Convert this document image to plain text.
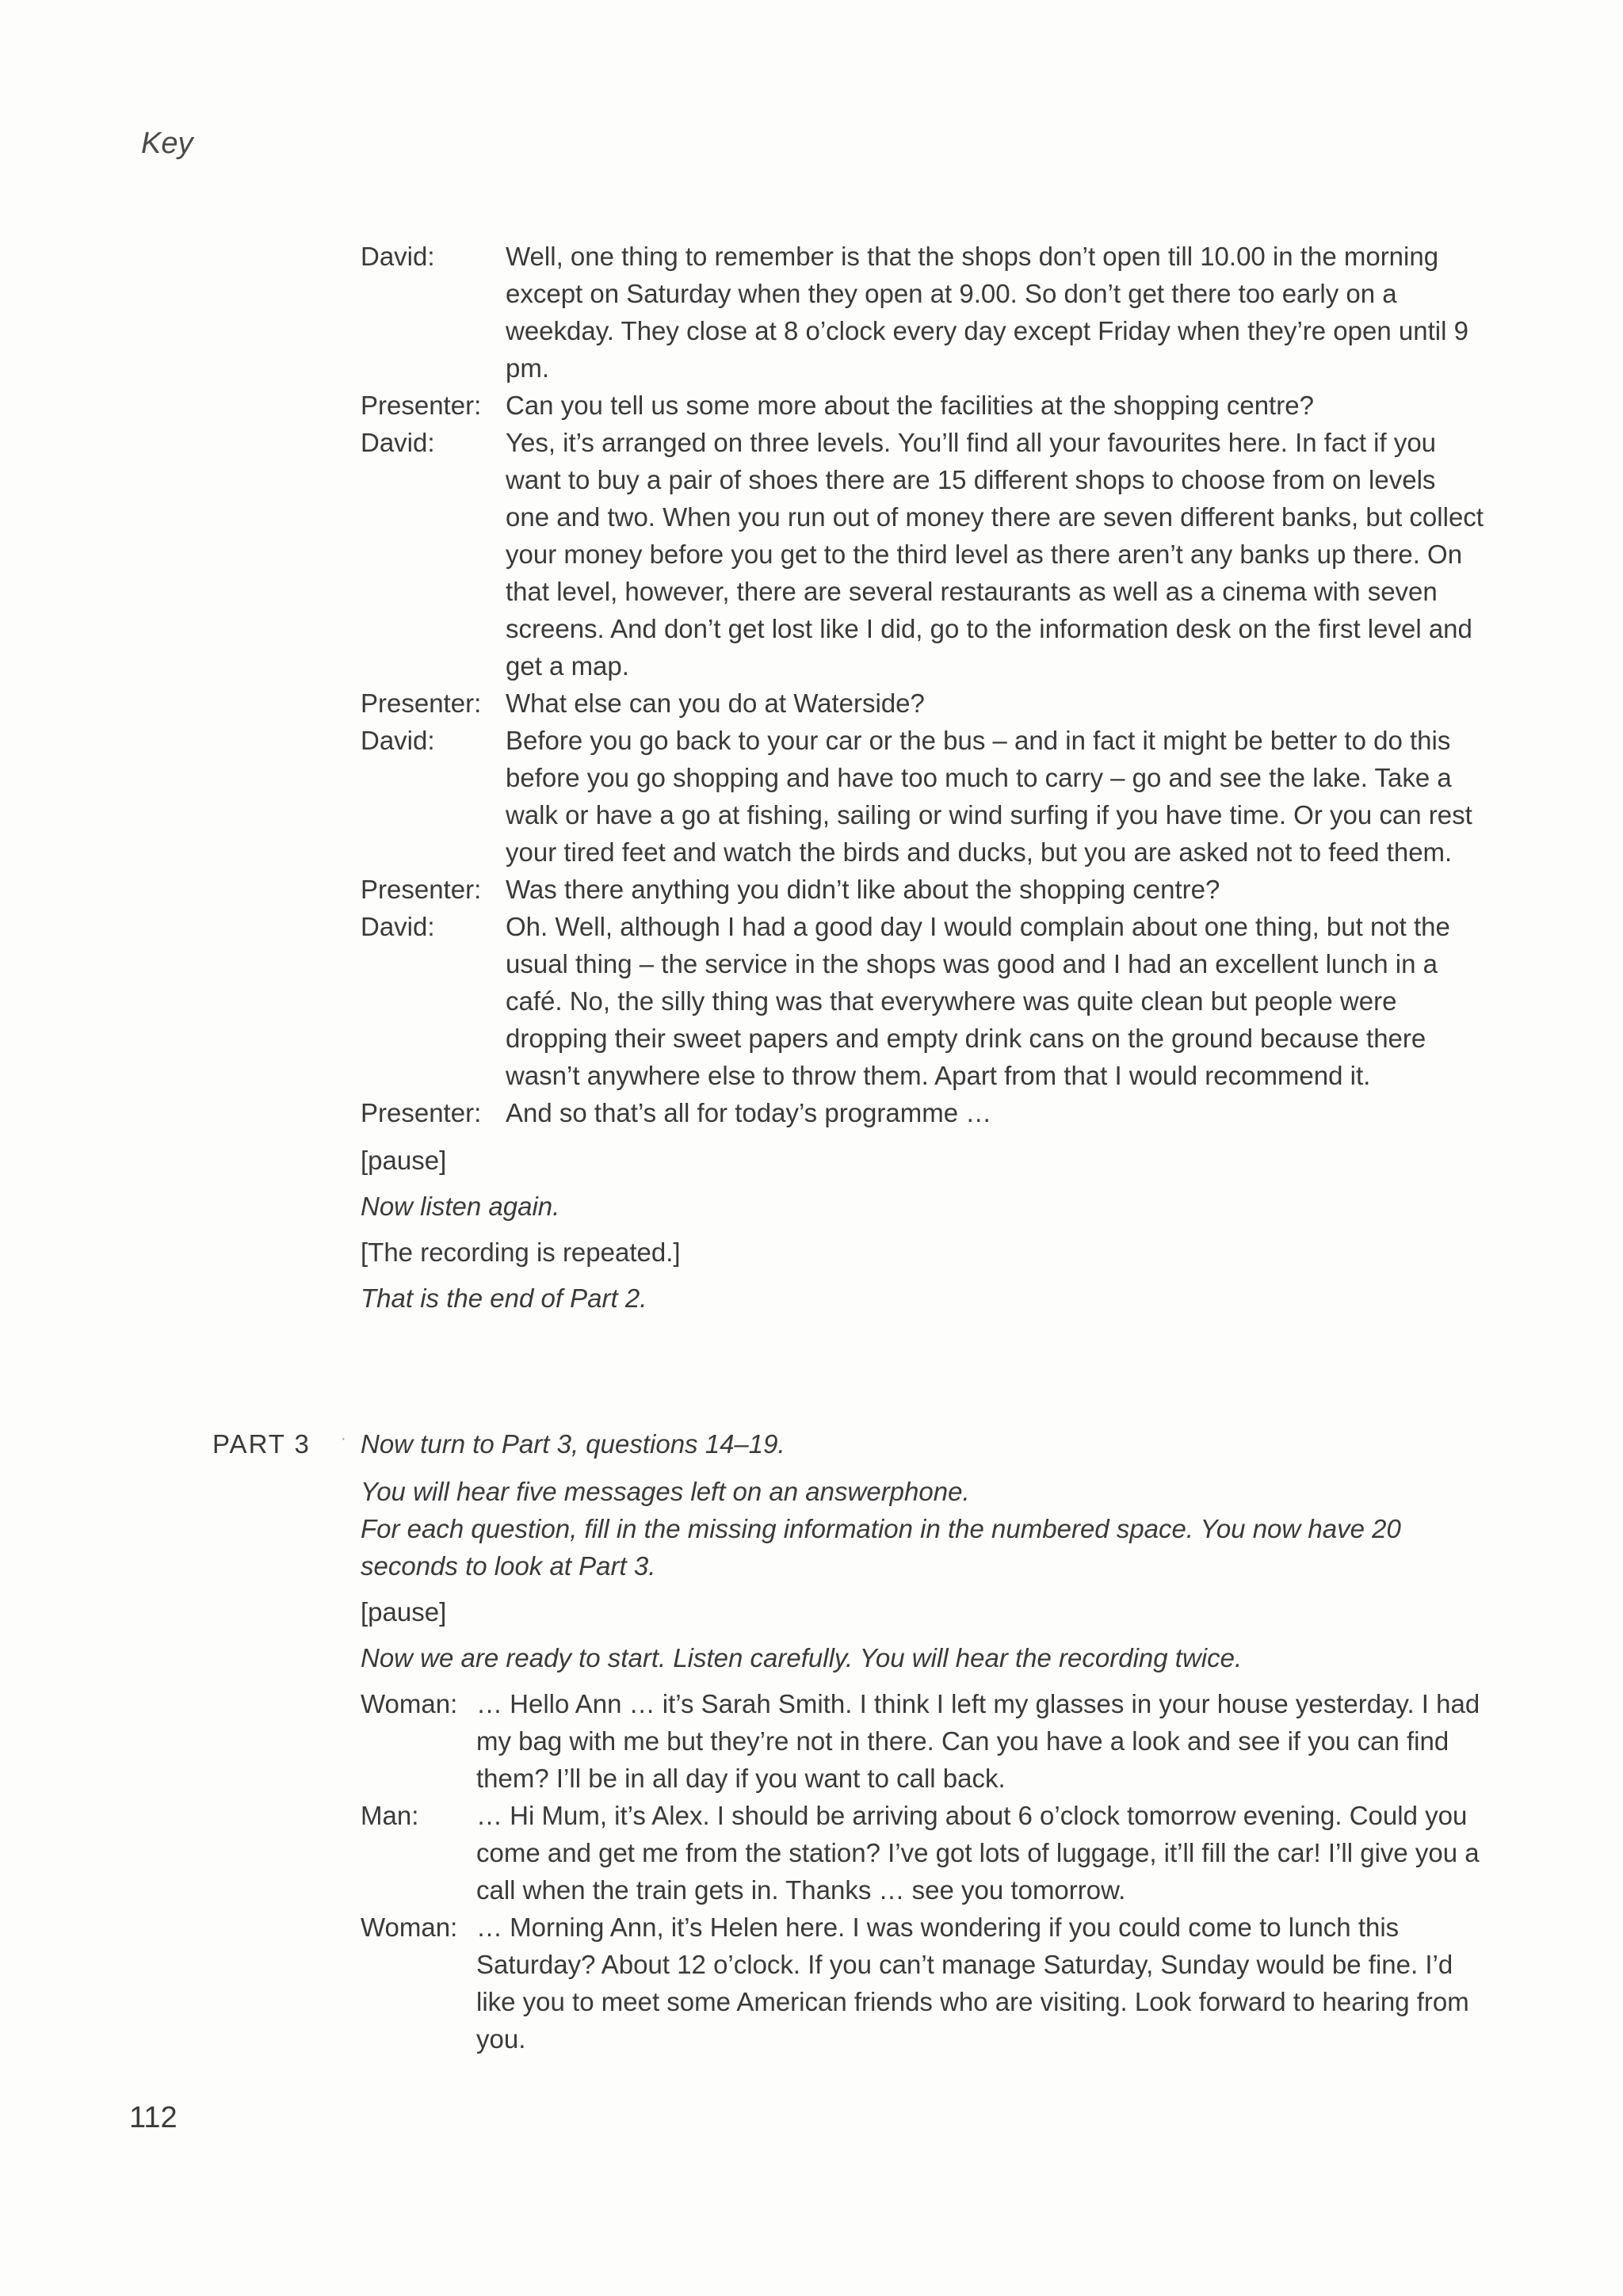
Key
David:	Well, one thing to remember is that the shops don’t open till 10.00 in the morning except on Saturday when they open at 9.00. So don’t get there too early on a weekday. They close at 8 o’clock every day except Friday when they’re open until 9 pm.
Presenter: Can you tell us some more about the facilities at the shopping centre?
David:	Yes, it’s arranged on three levels. You’ll find all your favourites here. In fact if you want to buy a pair of shoes there are 15 different shops to choose from on levels one and two. When you run out of money there are seven different banks, but collect your money before you get to the third level as there aren’t any banks up there. On that level, however, there are several restaurants as well as a cinema with seven screens. And don’t get lost like I did, go to the information desk on the first level and get a map.
Presenter: What else can you do at Waterside?
David:	Before you go back to your car or the bus – and in fact it might be better to do this before you go shopping and have too much to carry – go and see the lake. Take a walk or have a go at fishing, sailing or wind surfing if you have time. Or you can rest your tired feet and watch the birds and ducks, but you are asked not to feed them.
Presenter: Was there anything you didn’t like about the shopping centre?
David:	Oh. Well, although I had a good day I would complain about one thing, but not the usual thing – the service in the shops was good and I had an excellent lunch in a café. No, the silly thing was that everywhere was quite clean but people were dropping their sweet papers and empty drink cans on the ground because there wasn’t anywhere else to throw them. Apart from that I would recommend it.
Presenter: And so that’s all for today’s programme …
[pause]
Now listen again.
[The recording is repeated.]
That is the end of Part 2.
PART 3 · Now turn to Part 3, questions 14–19.
You will hear five messages left on an answerphone.
For each question, fill in the missing information in the numbered space. You now have 20 seconds to look at Part 3.
[pause]
Now we are ready to start. Listen carefully. You will hear the recording twice.
Woman: … Hello Ann … it’s Sarah Smith. I think I left my glasses in your house yesterday. I had my bag with me but they’re not in there. Can you have a look and see if you can find them? I’ll be in all day if you want to call back.
Man:	… Hi Mum, it’s Alex. I should be arriving about 6 o’clock tomorrow evening. Could you come and get me from the station? I’ve got lots of luggage, it’ll fill the car! I’ll give you a call when the train gets in. Thanks … see you tomorrow.
Woman: … Morning Ann, it’s Helen here. I was wondering if you could come to lunch this Saturday? About 12 o’clock. If you can’t manage Saturday, Sunday would be fine. I’d like you to meet some American friends who are visiting. Look forward to hearing from you.
112
